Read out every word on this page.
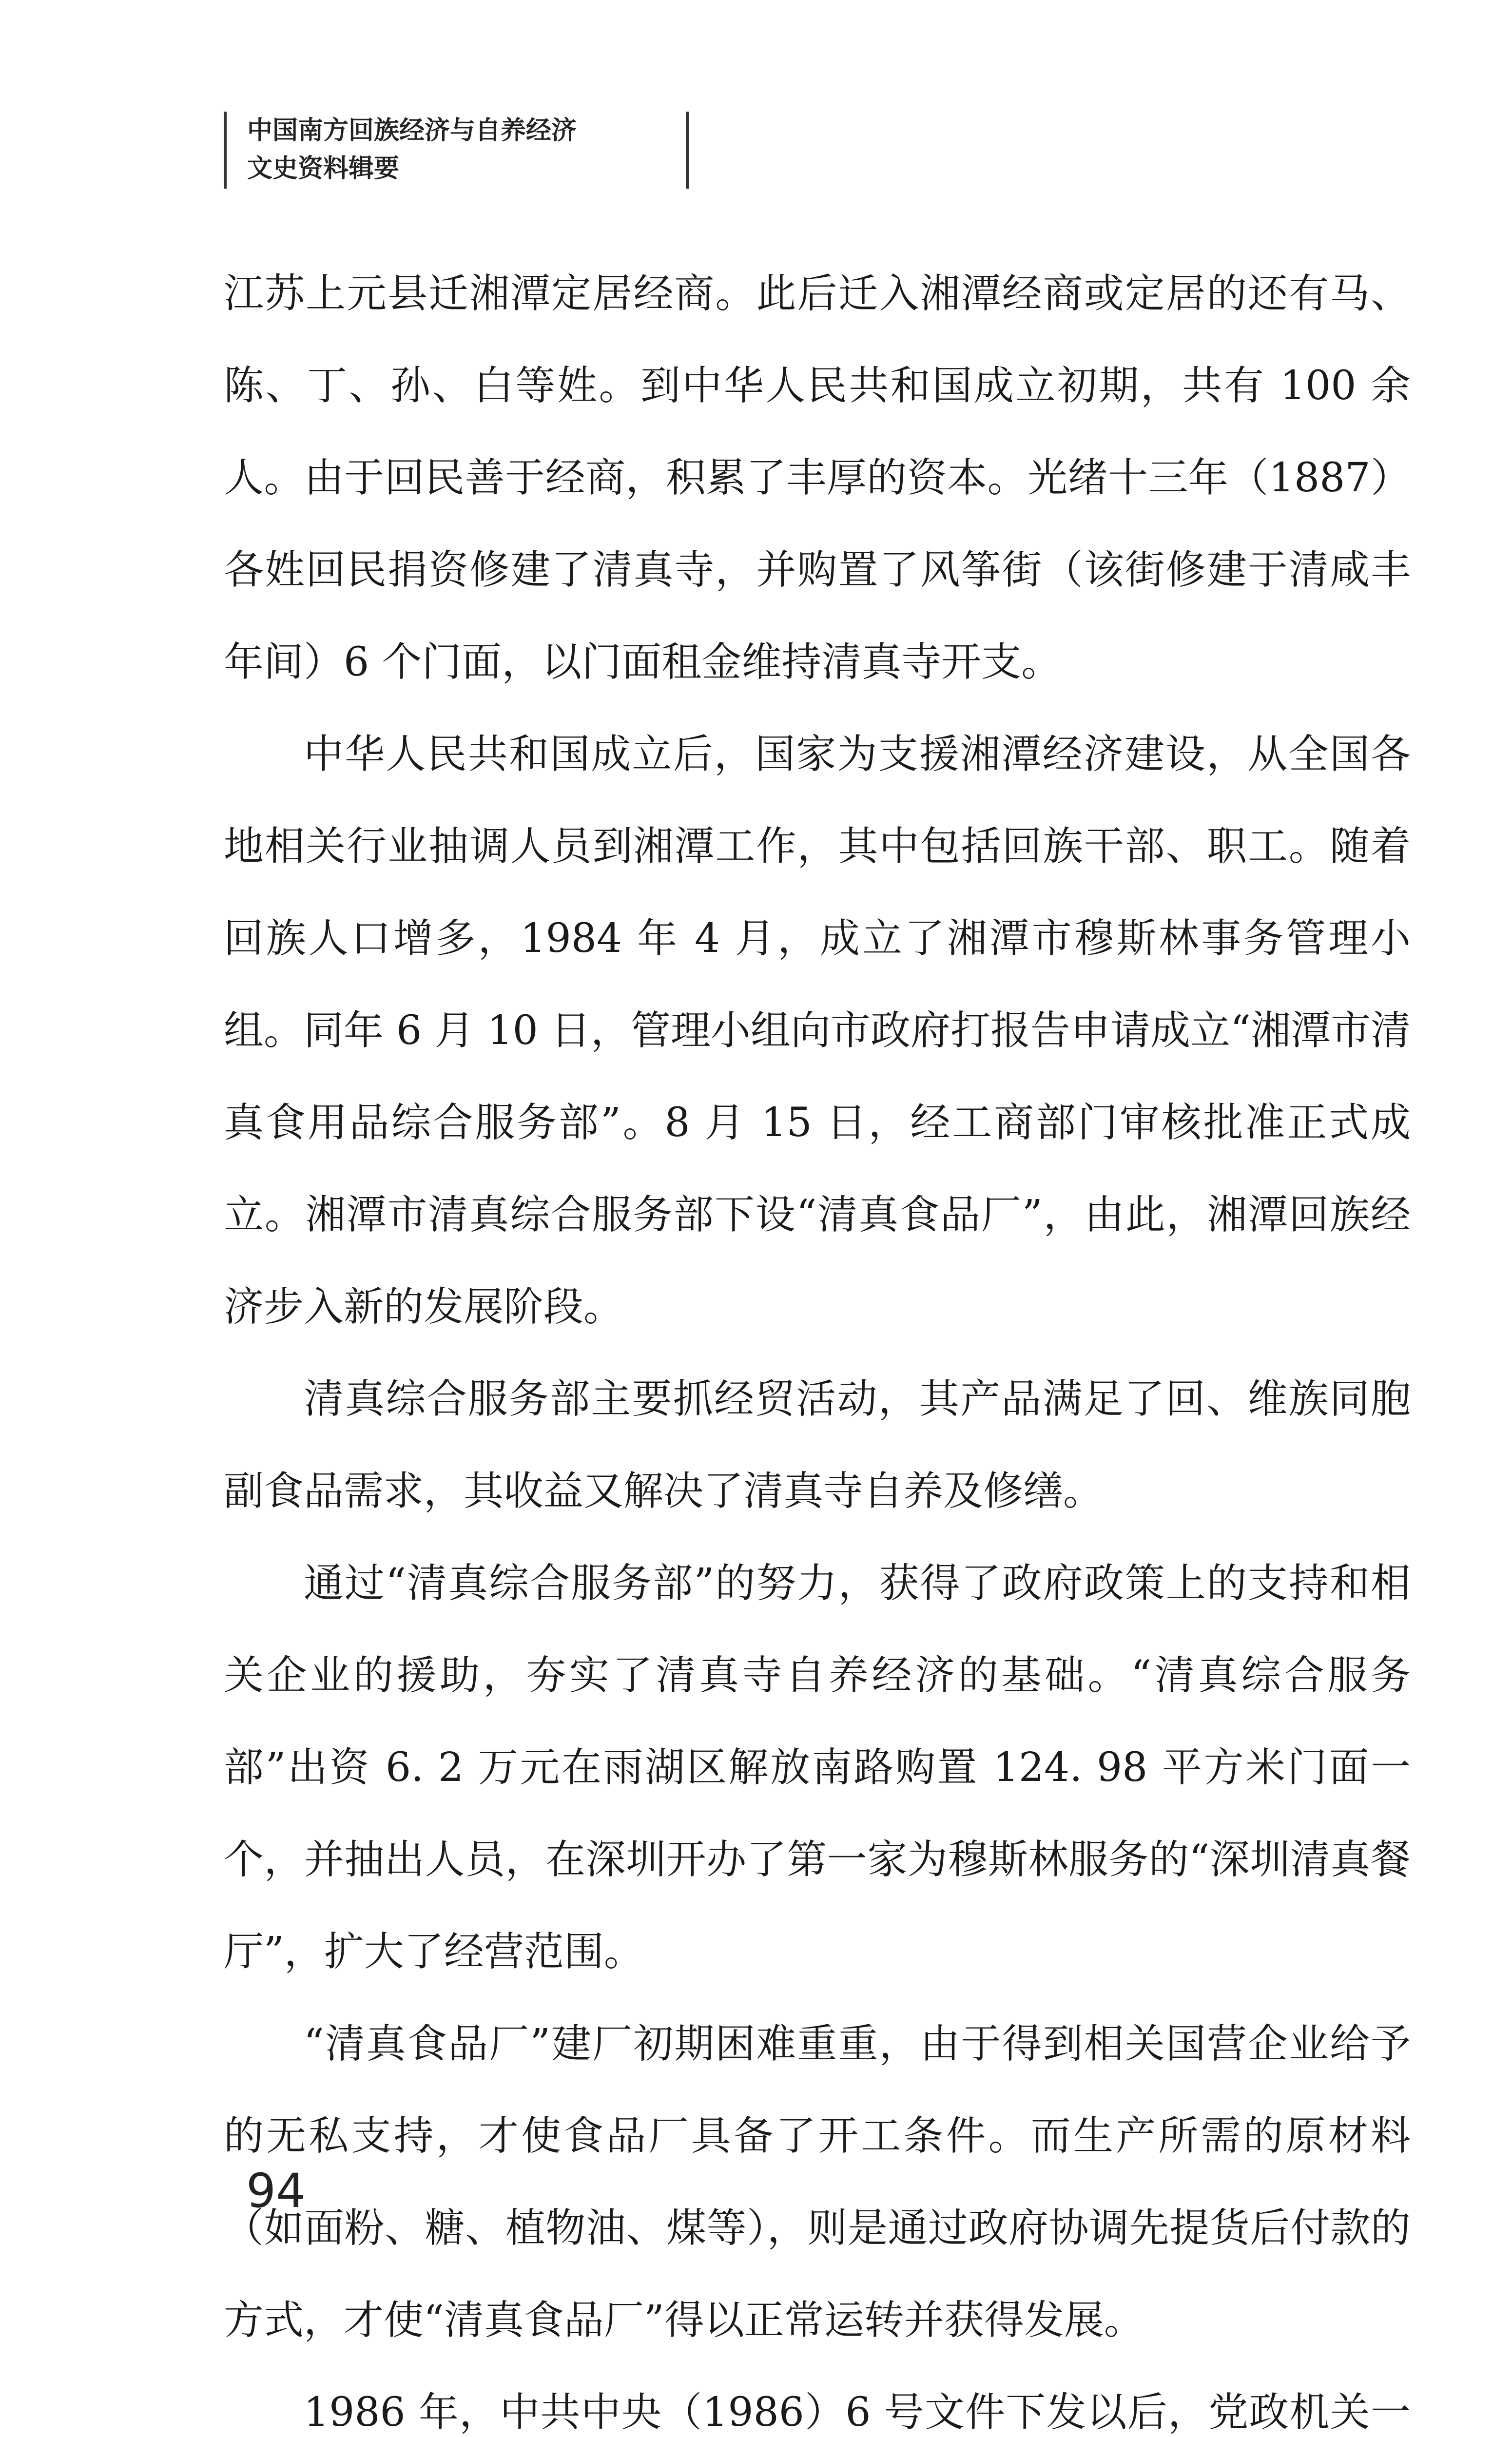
中国南方回族经济与自养经济
文史资料辑要

江苏上元县迁湘潭定居经商。此后迁入湘潭经商或定居的还有马、陈、丁、孙、白等姓。到中华人民共和国成立初期，共有 100 余人。由于回民善于经商，积累了丰厚的资本。光绪十三年（1887）各姓回民捐资修建了清真寺，并购置了风筝街（该街修建于清咸丰年间）6 个门面，以门面租金维持清真寺开支。

中华人民共和国成立后，国家为支援湘潭经济建设，从全国各地相关行业抽调人员到湘潭工作，其中包括回族干部、职工。随着回族人口增多，1984 年 4 月，成立了湘潭市穆斯林事务管理小组。同年 6 月 10 日，管理小组向市政府打报告申请成立“湘潭市清真食用品综合服务部”。8 月 15 日，经工商部门审核批准正式成立。湘潭市清真综合服务部下设“清真食品厂”，由此，湘潭回族经济步入新的发展阶段。

清真综合服务部主要抓经贸活动，其产品满足了回、维族同胞副食品需求，其收益又解决了清真寺自养及修缮。

通过“清真综合服务部”的努力，获得了政府政策上的支持和相关企业的援助，夯实了清真寺自养经济的基础。“清真综合服务部”出资 6. 2 万元在雨湖区解放南路购置 124. 98 平方米门面一个，并抽出人员，在深圳开办了第一家为穆斯林服务的“深圳清真餐厅”，扩大了经营范围。

“清真食品厂”建厂初期困难重重，由于得到相关国营企业给予的无私支持，才使食品厂具备了开工条件。而生产所需的原材料（如面粉、糖、植物油、煤等），则是通过政府协调先提货后付款的方式，才使“清真食品厂”得以正常运转并获得发展。

1986 年，中共中央（1986）6 号文件下发以后，党政机关一

94
